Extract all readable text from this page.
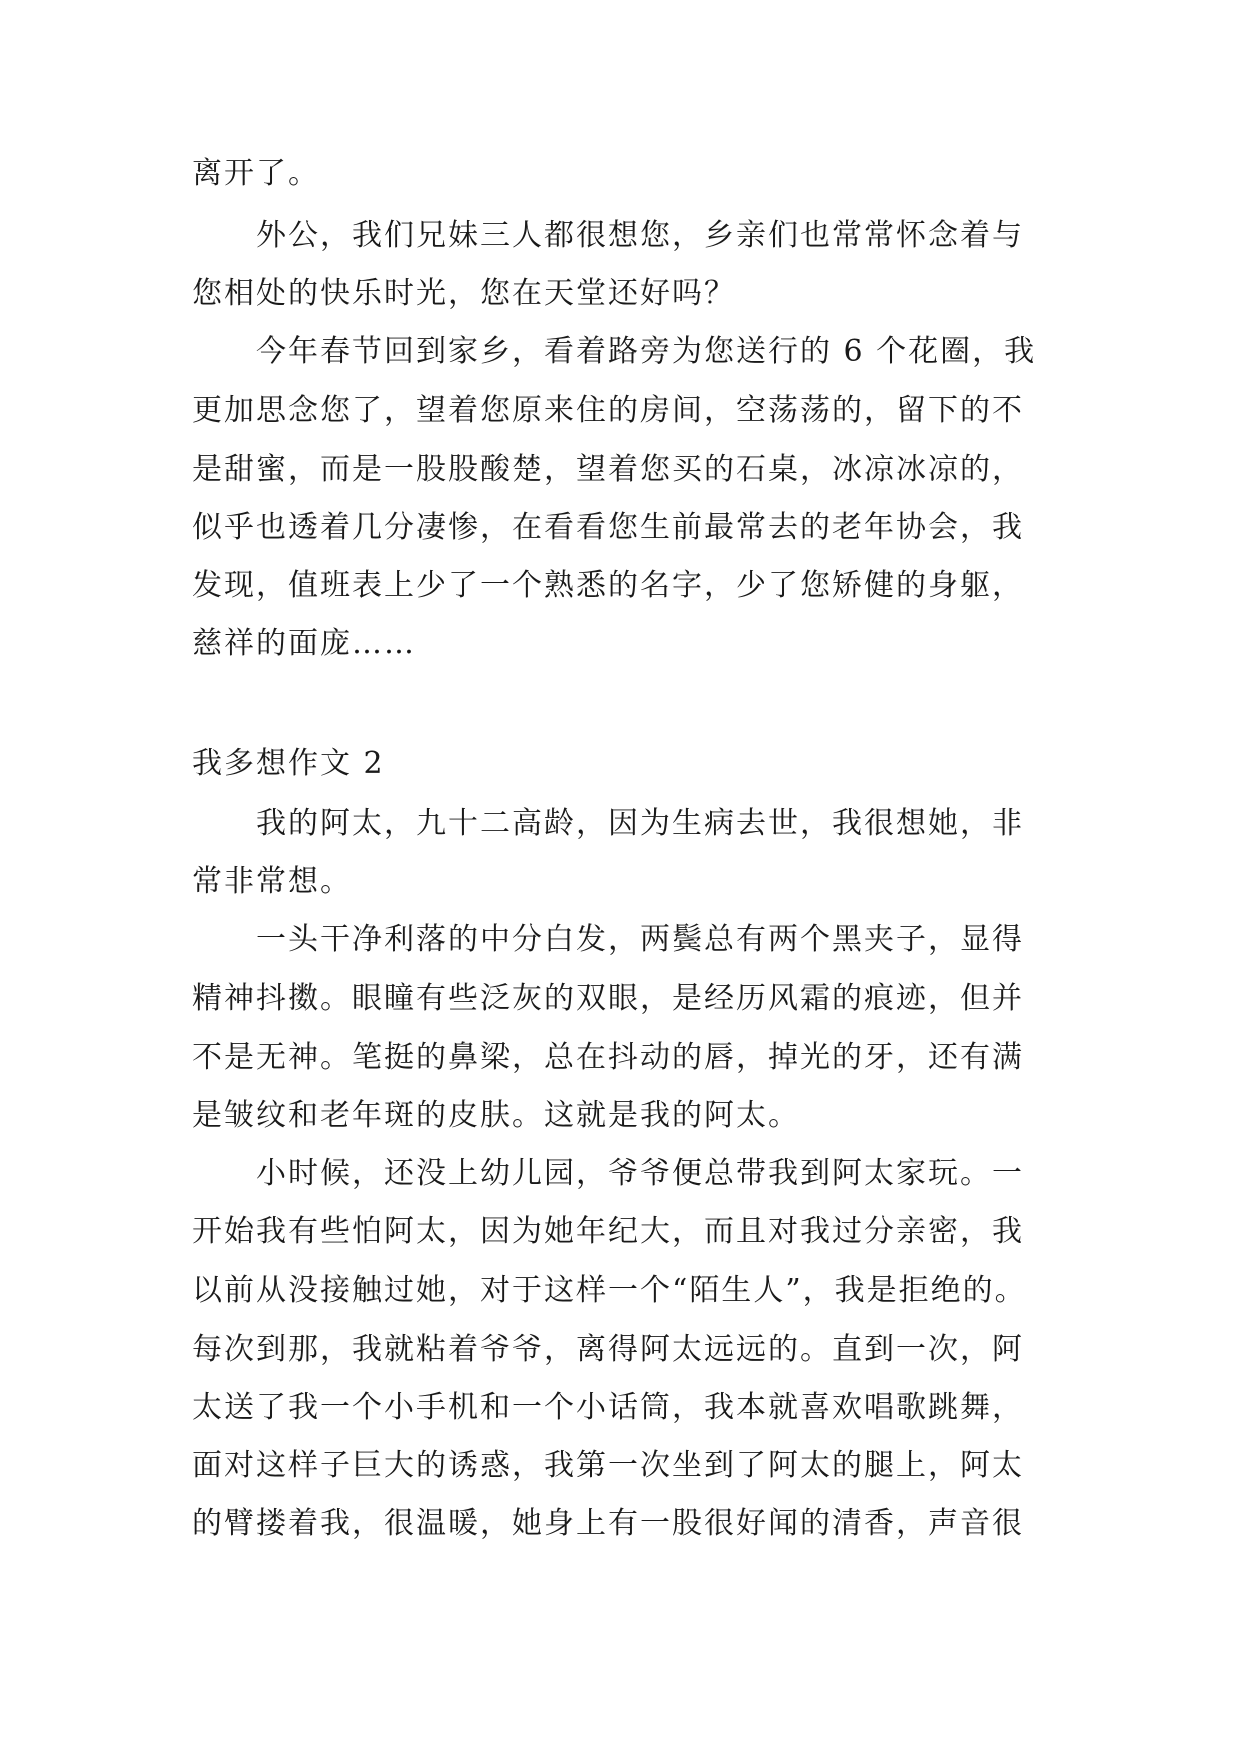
离开了。
外公，我们兄妹三人都很想您，乡亲们也常常怀念着与
您相处的快乐时光，您在天堂还好吗？
今年春节回到家乡，看着路旁为您送行的 6 个花圈，我
更加思念您了，望着您原来住的房间，空荡荡的，留下的不
是甜蜜，而是一股股酸楚，望着您买的石桌，冰凉冰凉的，
似乎也透着几分凄惨，在看看您生前最常去的老年协会，我
发现，值班表上少了一个熟悉的名字，少了您矫健的身躯，
慈祥的面庞……
我多想作文 2
我的阿太，九十二高龄，因为生病去世，我很想她，非
常非常想。
一头干净利落的中分白发，两鬓总有两个黑夹子，显得
精神抖擞。眼瞳有些泛灰的双眼，是经历风霜的痕迹，但并
不是无神。笔挺的鼻梁，总在抖动的唇，掉光的牙，还有满
是皱纹和老年斑的皮肤。这就是我的阿太。
小时候，还没上幼儿园，爷爷便总带我到阿太家玩。一
开始我有些怕阿太，因为她年纪大，而且对我过分亲密，我
以前从没接触过她，对于这样一个“陌生人”，我是拒绝的。
每次到那，我就粘着爷爷，离得阿太远远的。直到一次，阿
太送了我一个小手机和一个小话筒，我本就喜欢唱歌跳舞，
面对这样子巨大的诱惑，我第一次坐到了阿太的腿上，阿太
的臂搂着我，很温暖，她身上有一股很好闻的清香，声音很
